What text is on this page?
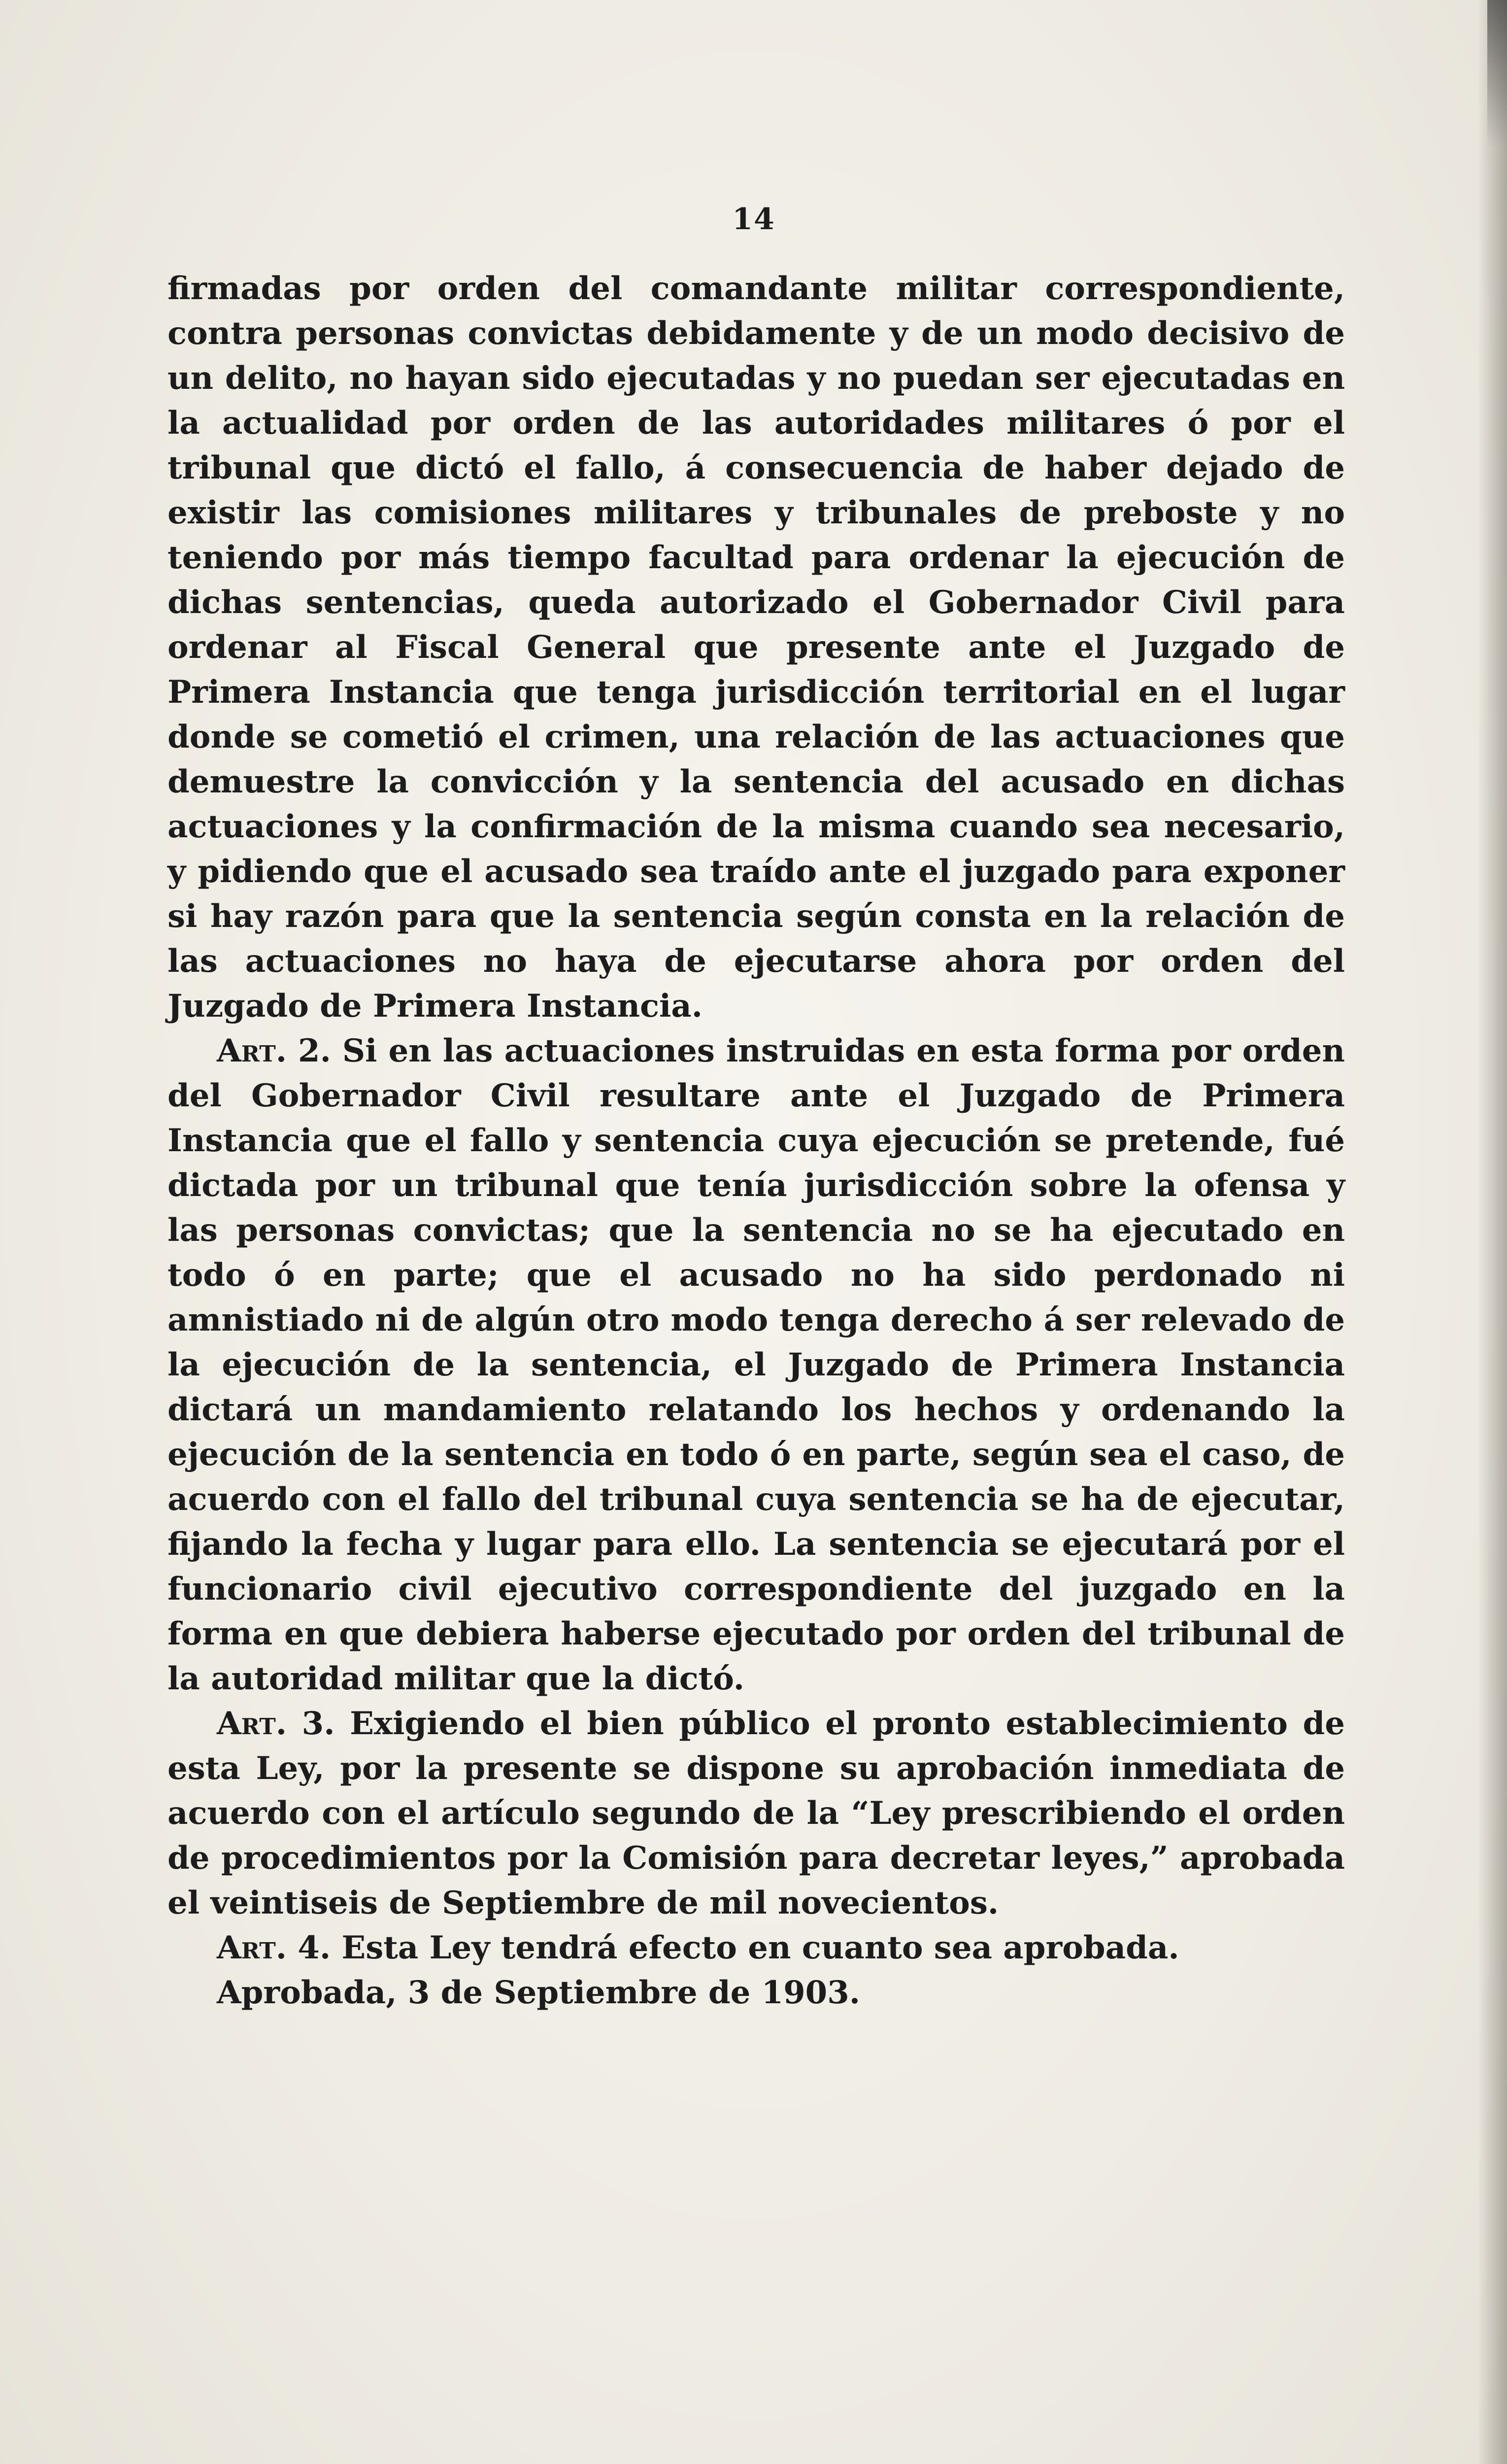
14

firmadas por orden del comandante militar correspondiente, contra personas convictas debidamente y de un modo decisivo de un delito, no hayan sido ejecutadas y no puedan ser ejecutadas en la actualidad por orden de las autoridades militares ó por el tribunal que dictó el fallo, á consecuencia de haber dejado de existir las comisiones militares y tribunales de preboste y no teniendo por más tiempo facultad para ordenar la ejecución de dichas sentencias, queda autorizado el Gobernador Civil para ordenar al Fiscal General que presente ante el Juzgado de Primera Instancia que tenga jurisdicción territorial en el lugar donde se cometió el crimen, una relación de las actuaciones que demuestre la convicción y la sentencia del acusado en dichas actuaciones y la confirmación de la misma cuando sea necesario, y pidiendo que el acusado sea traído ante el juzgado para exponer si hay razón para que la sentencia según consta en la relación de las actuaciones no haya de ejecutarse ahora por orden del Juzgado de Primera Instancia.

Art. 2. Si en las actuaciones instruidas en esta forma por orden del Gobernador Civil resultare ante el Juzgado de Primera Instancia que el fallo y sentencia cuya ejecución se pretende, fué dictada por un tribunal que tenía jurisdicción sobre la ofensa y las personas convictas; que la sentencia no se ha ejecutado en todo ó en parte; que el acusado no ha sido perdonado ni amnistiado ni de algún otro modo tenga derecho á ser relevado de la ejecución de la sentencia, el Juzgado de Primera Instancia dictará un mandamiento relatando los hechos y ordenando la ejecución de la sentencia en todo ó en parte, según sea el caso, de acuerdo con el fallo del tribunal cuya sentencia se ha de ejecutar, fijando la fecha y lugar para ello. La sentencia se ejecutará por el funcionario civil ejecutivo correspondiente del juzgado en la forma en que debiera haberse ejecutado por orden del tribunal de la autoridad militar que la dictó.

Art. 3. Exigiendo el bien público el pronto establecimiento de esta Ley, por la presente se dispone su aprobación inmediata de acuerdo con el artículo segundo de la “Ley prescribiendo el orden de procedimientos por la Comisión para decretar leyes,” aprobada el veintiseis de Septiembre de mil novecientos.

Art. 4. Esta Ley tendrá efecto en cuanto sea aprobada.

Aprobada, 3 de Septiembre de 1903.
